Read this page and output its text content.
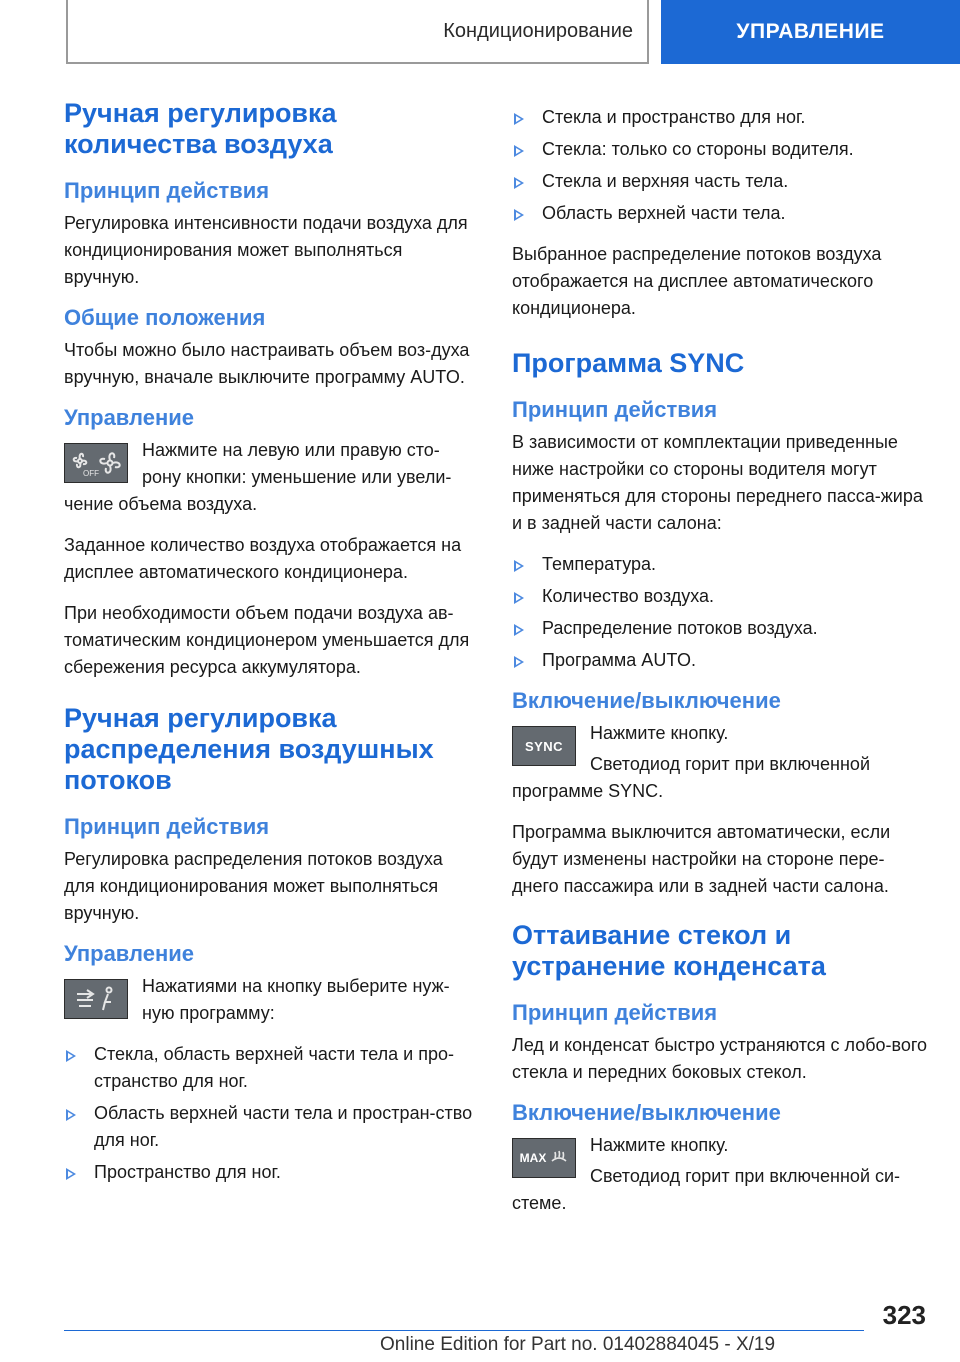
Кондиционирование	УПРАВЛЕНИЕ
Ручная регулировка количества воздуха
Принцип действия

Регулировка интенсивности подачи воздуха для кондиционирования может выполняться вручную.

Общие положения

Чтобы можно было настраивать объем воз-духа вручную, вначале выключите программу AUTO.

Управление
OFF

Нажмите на левую или правую сто-рону кнопки: уменьшение или увели-чение объема воздуха.

Заданное количество воздуха отображается на дисплее автоматического кондиционера.

При необходимости объем подачи воздуха ав-томатическим кондиционером уменьшается для сбережения ресурса аккумулятора.

Ручная регулировка распределения воздушных потоков
Принцип действия

Регулировка распределения потоков воздуха для кондиционирования может выполняться вручную.

Управление

Нажатиями на кнопку выберите нуж-ную программу:

Стекла, область верхней части тела и про-странство для ног.
Область верхней части тела и простран-ство для ног.
Пространство для ног.
Стекла и пространство для ног.
Стекла: только со стороны водителя.
Стекла и верхняя часть тела.
Область верхней части тела.

Выбранное распределение потоков воздуха отображается на дисплее автоматического кондиционера.

Программа SYNC
Принцип действия

В зависимости от комплектации приведенные ниже настройки со стороны водителя могут применяться для стороны переднего пасса-жира и в задней части салона:

Температура.
Количество воздуха.
Распределение потоков воздуха.
Программа AUTO.
Включение/выключение
SYNC

Нажмите кнопку.

Светодиод горит при включенной программе SYNC.

Программа выключится автоматически, если будут изменены настройки на стороне пере-днего пассажира или в задней части салона.

Оттаивание стекол и устранение конденсата
Принцип действия

Лед и конденсат быстро устраняются с лобо-вого стекла и передних боковых стекол.

Включение/выключение
MAX

Нажмите кнопку.

Светодиод горит при включенной си-стеме.

323
Online Edition for Part no. 01402884045 - X/19
